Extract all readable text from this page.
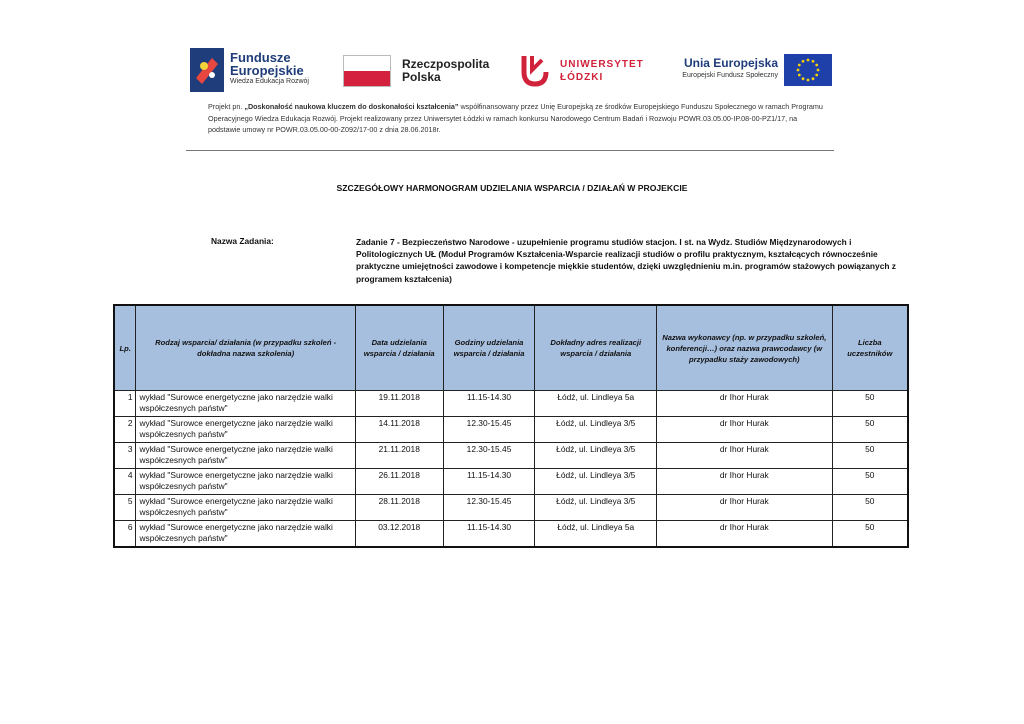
Fundusze
Europejskie
Wiedza Edukacja Rozwój
Rzeczpospolita
Polska
UNIWERSYTET
ŁÓDZKI
Unia Europejska
Europejski Fundusz Społeczny
Projekt pn. „Doskonałość naukowa kluczem do doskonałości kształcenia” współfinansowany przez Unię Europejską ze środków Europejskiego Funduszu Społecznego w ramach Programu Operacyjnego Wiedza Edukacja Rozwój. Projekt realizowany przez Uniwersytet Łódzki w ramach konkursu Narodowego Centrum Badań i Rozwoju POWR.03.05.00-IP.08-00-PZ1/17, na podstawie umowy nr POWR.03.05.00-00-Z092/17-00 z dnia 28.06.2018r.
SZCZEGÓŁOWY HARMONOGRAM UDZIELANIA WSPARCIA / DZIAŁAŃ W PROJEKCIE
Nazwa Zadania:	Zadanie 7 - Bezpieczeństwo Narodowe - uzupełnienie programu studiów stacjon. I st. na Wydz. Studiów Międzynarodowych i Politologicznych UŁ (Moduł Programów Kształcenia-Wsparcie realizacji studiów o profilu praktycznym, kształcących równocześnie praktyczne umiejętności zawodowe i kompetencje miękkie studentów, dzięki uwzględnieniu m.in. programów stażowych powiązanych z programem kształcenia)
Lp.	Rodzaj wsparcia/ działania (w przypadku szkoleń - dokładna nazwa szkolenia)	Data udzielania wsparcia / działania	Godziny udzielania wsparcia / działania	Dokładny adres realizacji wsparcia / działania	Nazwa wykonawcy (np. w przypadku szkoleń, konferencji…) oraz nazwa prawcodawcy (w przypadku staży zawodowych)	Liczba uczestników
1	wykład "Surowce energetyczne jako narzędzie walki współczesnych państw"	19.11.2018	11.15-14.30	Łódź, ul. Lindleya 5a	dr Ihor Hurak	50
2	wykład "Surowce energetyczne jako narzędzie walki współczesnych państw"	14.11.2018	12.30-15.45	Łódź, ul. Lindleya 3/5	dr Ihor Hurak	50
3	wykład "Surowce energetyczne jako narzędzie walki współczesnych państw"	21.11.2018	12.30-15.45	Łódź, ul. Lindleya 3/5	dr Ihor Hurak	50
4	wykład "Surowce energetyczne jako narzędzie walki współczesnych państw"	26.11.2018	11.15-14.30	Łódź, ul. Lindleya 3/5	dr Ihor Hurak	50
5	wykład "Surowce energetyczne jako narzędzie walki współczesnych państw"	28.11.2018	12.30-15.45	Łódź, ul. Lindleya 3/5	dr Ihor Hurak	50
6	wykład "Surowce energetyczne jako narzędzie walki współczesnych państw"	03.12.2018	11.15-14.30	Łódź, ul. Lindleya 5a	dr Ihor Hurak	50
